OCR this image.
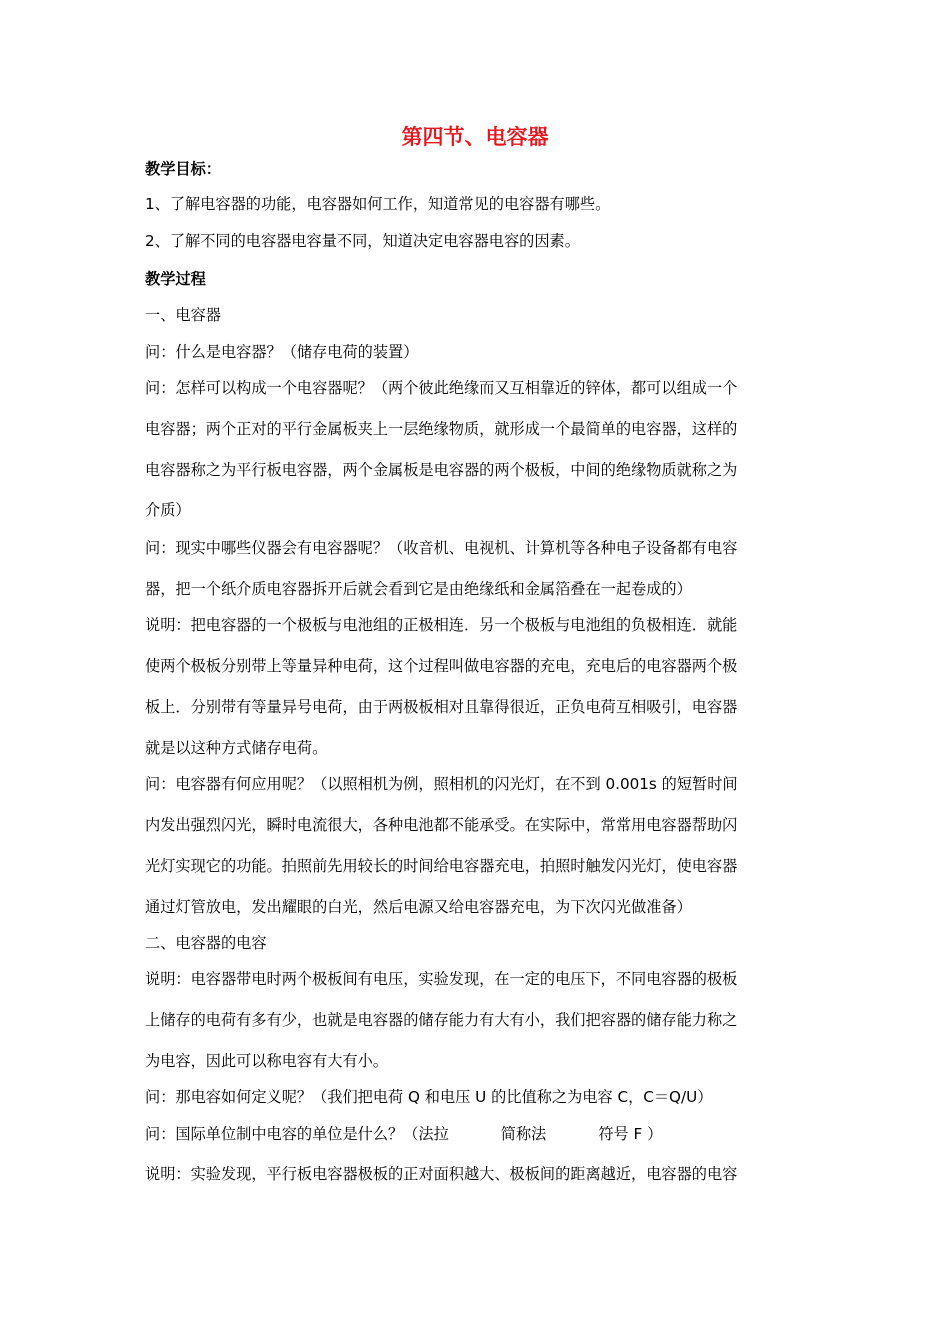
第四节、电容器

教学目标：

1、了解电容器的功能，电容器如何工作，知道常见的电容器有哪些。

2、了解不同的电容器电容量不同，知道决定电容器电容的因素。

教学过程

一、电容器

问：什么是电容器？（储存电荷的装置）

问：怎样可以构成一个电容器呢？（两个彼此绝缘而又互相靠近的锌体，都可以组成一个

电容器；两个正对的平行金属板夹上一层绝缘物质，就形成一个最简单的电容器，这样的

电容器称之为平行板电容器，两个金属板是电容器的两个极板，中间的绝缘物质就称之为

介质）

问：现实中哪些仪器会有电容器呢？（收音机、电视机、计算机等各种电子设备都有电容

器，把一个纸介质电容器拆开后就会看到它是由绝缘纸和金属箔叠在一起卷成的）

说明：把电容器的一个极板与电池组的正极相连．另一个极板与电池组的负极相连．就能

使两个极板分别带上等量异种电荷，这个过程叫做电容器的充电，充电后的电容器两个极

板上．分别带有等量异号电荷，由于两极板相对且靠得很近，正负电荷互相吸引，电容器

就是以这种方式储存电荷。

问：电容器有何应用呢？（以照相机为例，照相机的闪光灯，在不到 0.001s 的短暂时间

内发出强烈闪光，瞬时电流很大，各种电池都不能承受。在实际中，常常用电容器帮助闪

光灯实现它的功能。拍照前先用较长的时间给电容器充电，拍照时触发闪光灯，使电容器

通过灯管放电，发出耀眼的白光，然后电源又给电容器充电，为下次闪光做准备）

二、电容器的电容

说明：电容器带电时两个极板间有电压，实验发现，在一定的电压下，不同电容器的极板

上储存的电荷有多有少，也就是电容器的储存能力有大有小，我们把容器的储存能力称之

为电容，因此可以称电容有大有小。

问：那电容如何定义呢？（我们把电荷 Q 和电压 U 的比值称之为电容 C，C＝Q/U）

问：国际单位制中电容的单位是什么？（法拉	简称法	符号 F ）

说明：实验发现，平行板电容器极板的正对面积越大、极板间的距离越近，电容器的电容
